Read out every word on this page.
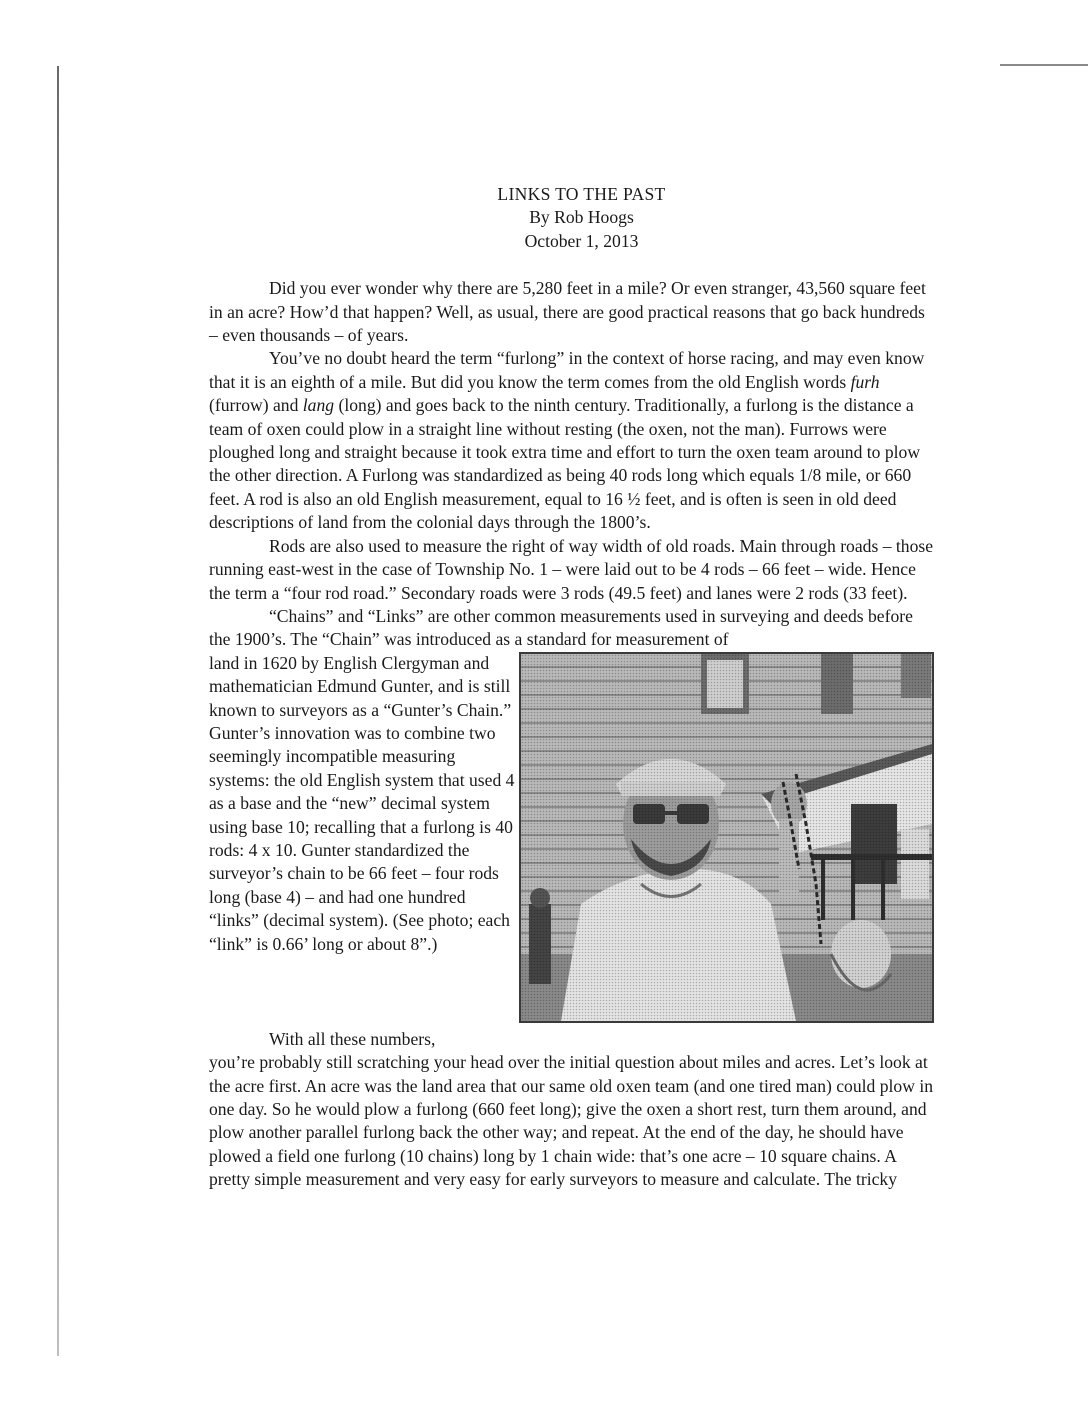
LINKS TO THE PAST
By Rob Hoogs
October 1, 2013

Did you ever wonder why there are 5,280 feet in a mile? Or even stranger, 43,560 square feet in an acre? How’d that happen? Well, as usual, there are good practical reasons that go back hundreds – even thousands – of years.

You’ve no doubt heard the term “furlong” in the context of horse racing, and may even know that it is an eighth of a mile. But did you know the term comes from the old English words furh (furrow) and lang (long) and goes back to the ninth century. Traditionally, a furlong is the distance a team of oxen could plow in a straight line without resting (the oxen, not the man). Furrows were ploughed long and straight because it took extra time and effort to turn the oxen team around to plow the other direction. A Furlong was standardized as being 40 rods long which equals 1/8 mile, or 660 feet. A rod is also an old English measurement, equal to 16 ½ feet, and is often is seen in old deed descriptions of land from the colonial days through the 1800’s.

Rods are also used to measure the right of way width of old roads. Main through roads – those running east-west in the case of Township No. 1 – were laid out to be 4 rods – 66 feet – wide. Hence the term a “four rod road.” Secondary roads were 3 rods (49.5 feet) and lanes were 2 rods (33 feet).

“Chains” and “Links” are other common measurements used in surveying and deeds before the 1900’s. The “Chain” was introduced as a standard for measurement of

land in 1620 by English Clergyman and mathematician Edmund Gunter, and is still known to surveyors as a “Gunter’s Chain.” Gunter’s innovation was to combine two seemingly incompatible measuring systems: the old English system that used 4 as a base and the “new” decimal system using base 10; recalling that a furlong is 40 rods: 4 x 10. Gunter standardized the surveyor’s chain to be 66 feet – four rods long (base 4) – and had one hundred “links” (decimal system). (See photo; each “link” is 0.66’ long or about 8”.)

With all these numbers,

you’re probably still scratching your head over the initial question about miles and acres. Let’s look at the acre first. An acre was the land area that our same old oxen team (and one tired man) could plow in one day. So he would plow a furlong (660 feet long); give the oxen a short rest, turn them around, and plow another parallel furlong back the other way; and repeat. At the end of the day, he should have plowed a field one furlong (10 chains) long by 1 chain wide: that’s one acre – 10 square chains. A pretty simple measurement and very easy for early surveyors to measure and calculate. The tricky
